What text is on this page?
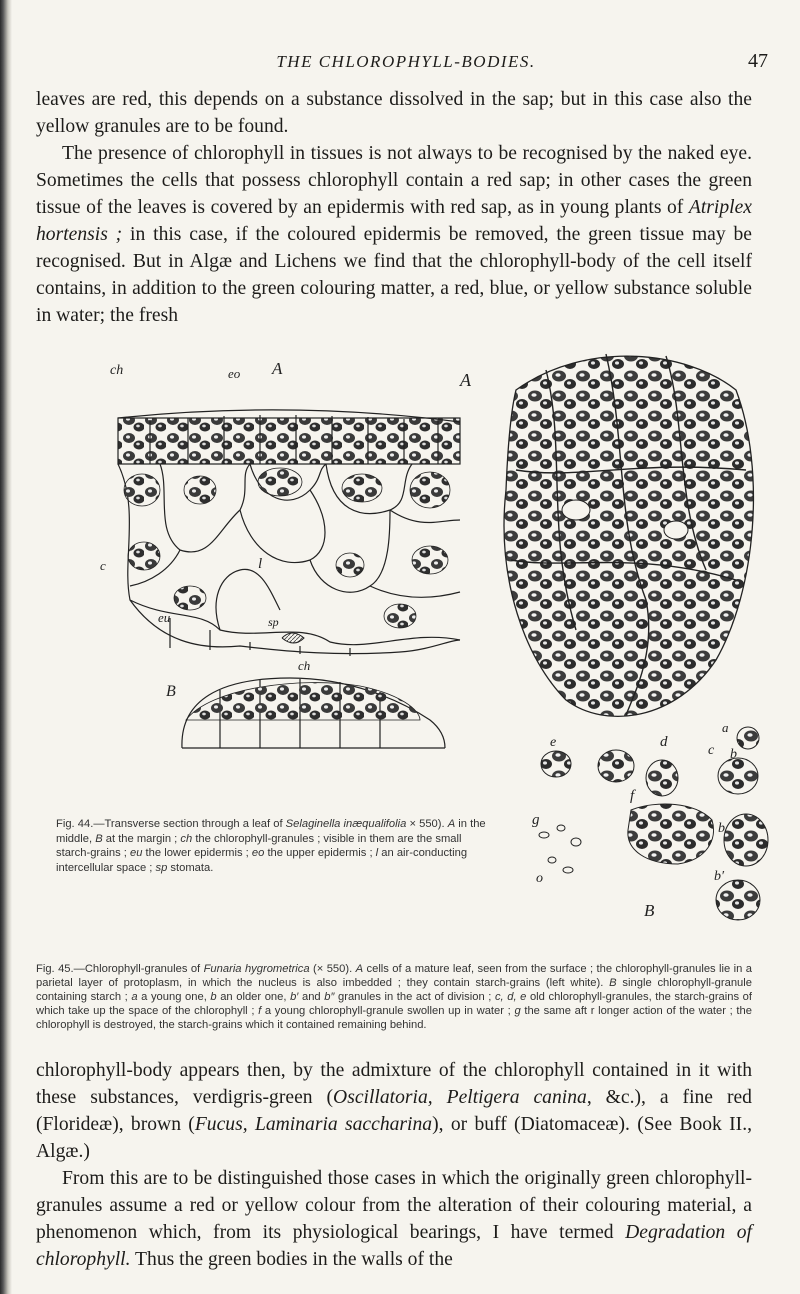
THE CHLOROPHYLL-BODIES.	47

leaves are red, this depends on a substance dissolved in the sap; but in this case also the yellow granules are to be found.

The presence of chlorophyll in tissues is not always to be recognised by the naked eye. Sometimes the cells that possess chlorophyll contain a red sap; in other cases the green tissue of the leaves is covered by an epidermis with red sap, as in young plants of Atriplex hortensis ; in this case, if the coloured epidermis be removed, the green tissue may be recognised. But in Algæ and Lichens we find that the chlorophyll-body of the cell itself contains, in addition to the green colouring matter, a red, blue, or yellow substance soluble in water; the fresh

ch	eo A
c	l
eu	sp
ch
B
A
a
d
e
c b
f
g
b
b′
o
B

Fig. 44.—Transverse section through a leaf of Selaginella inæqualifolia × 550). A in the middle, B at the margin ; ch the chlorophyll-granules ; visible in them are the small starch-grains ; eu the lower epidermis ; eo the upper epidermis ; l an air-conducting intercellular space ; sp stomata.

Fig. 45.—Chlorophyll-granules of Funaria hygrometrica (× 550). A cells of a mature leaf, seen from the surface ; the chlorophyll-granules lie in a parietal layer of protoplasm, in which the nucleus is also imbedded ; they contain starch-grains (left white). B single chlorophyll-granule containing starch ; a a young one, b an older one, b′ and b″ granules in the act of division ; c, d, e old chlorophyll-granules, the starch-grains of which take up the space of the chlorophyll ; f a young chlorophyll-granule swollen up in water ; g the same aft r longer action of the water ; the chlorophyll is destroyed, the starch-grains which it contained remaining behind.

chlorophyll-body appears then, by the admixture of the chlorophyll contained in it with these substances, verdigris-green (Oscillatoria, Peltigera canina, &c.), a fine red (Florideæ), brown (Fucus, Laminaria saccharina), or buff (Diatomaceæ). (See Book II., Algæ.)

From this are to be distinguished those cases in which the originally green chlorophyll-granules assume a red or yellow colour from the alteration of their colouring material, a phenomenon which, from its physiological bearings, I have termed Degradation of chlorophyll. Thus the green bodies in the walls of the
